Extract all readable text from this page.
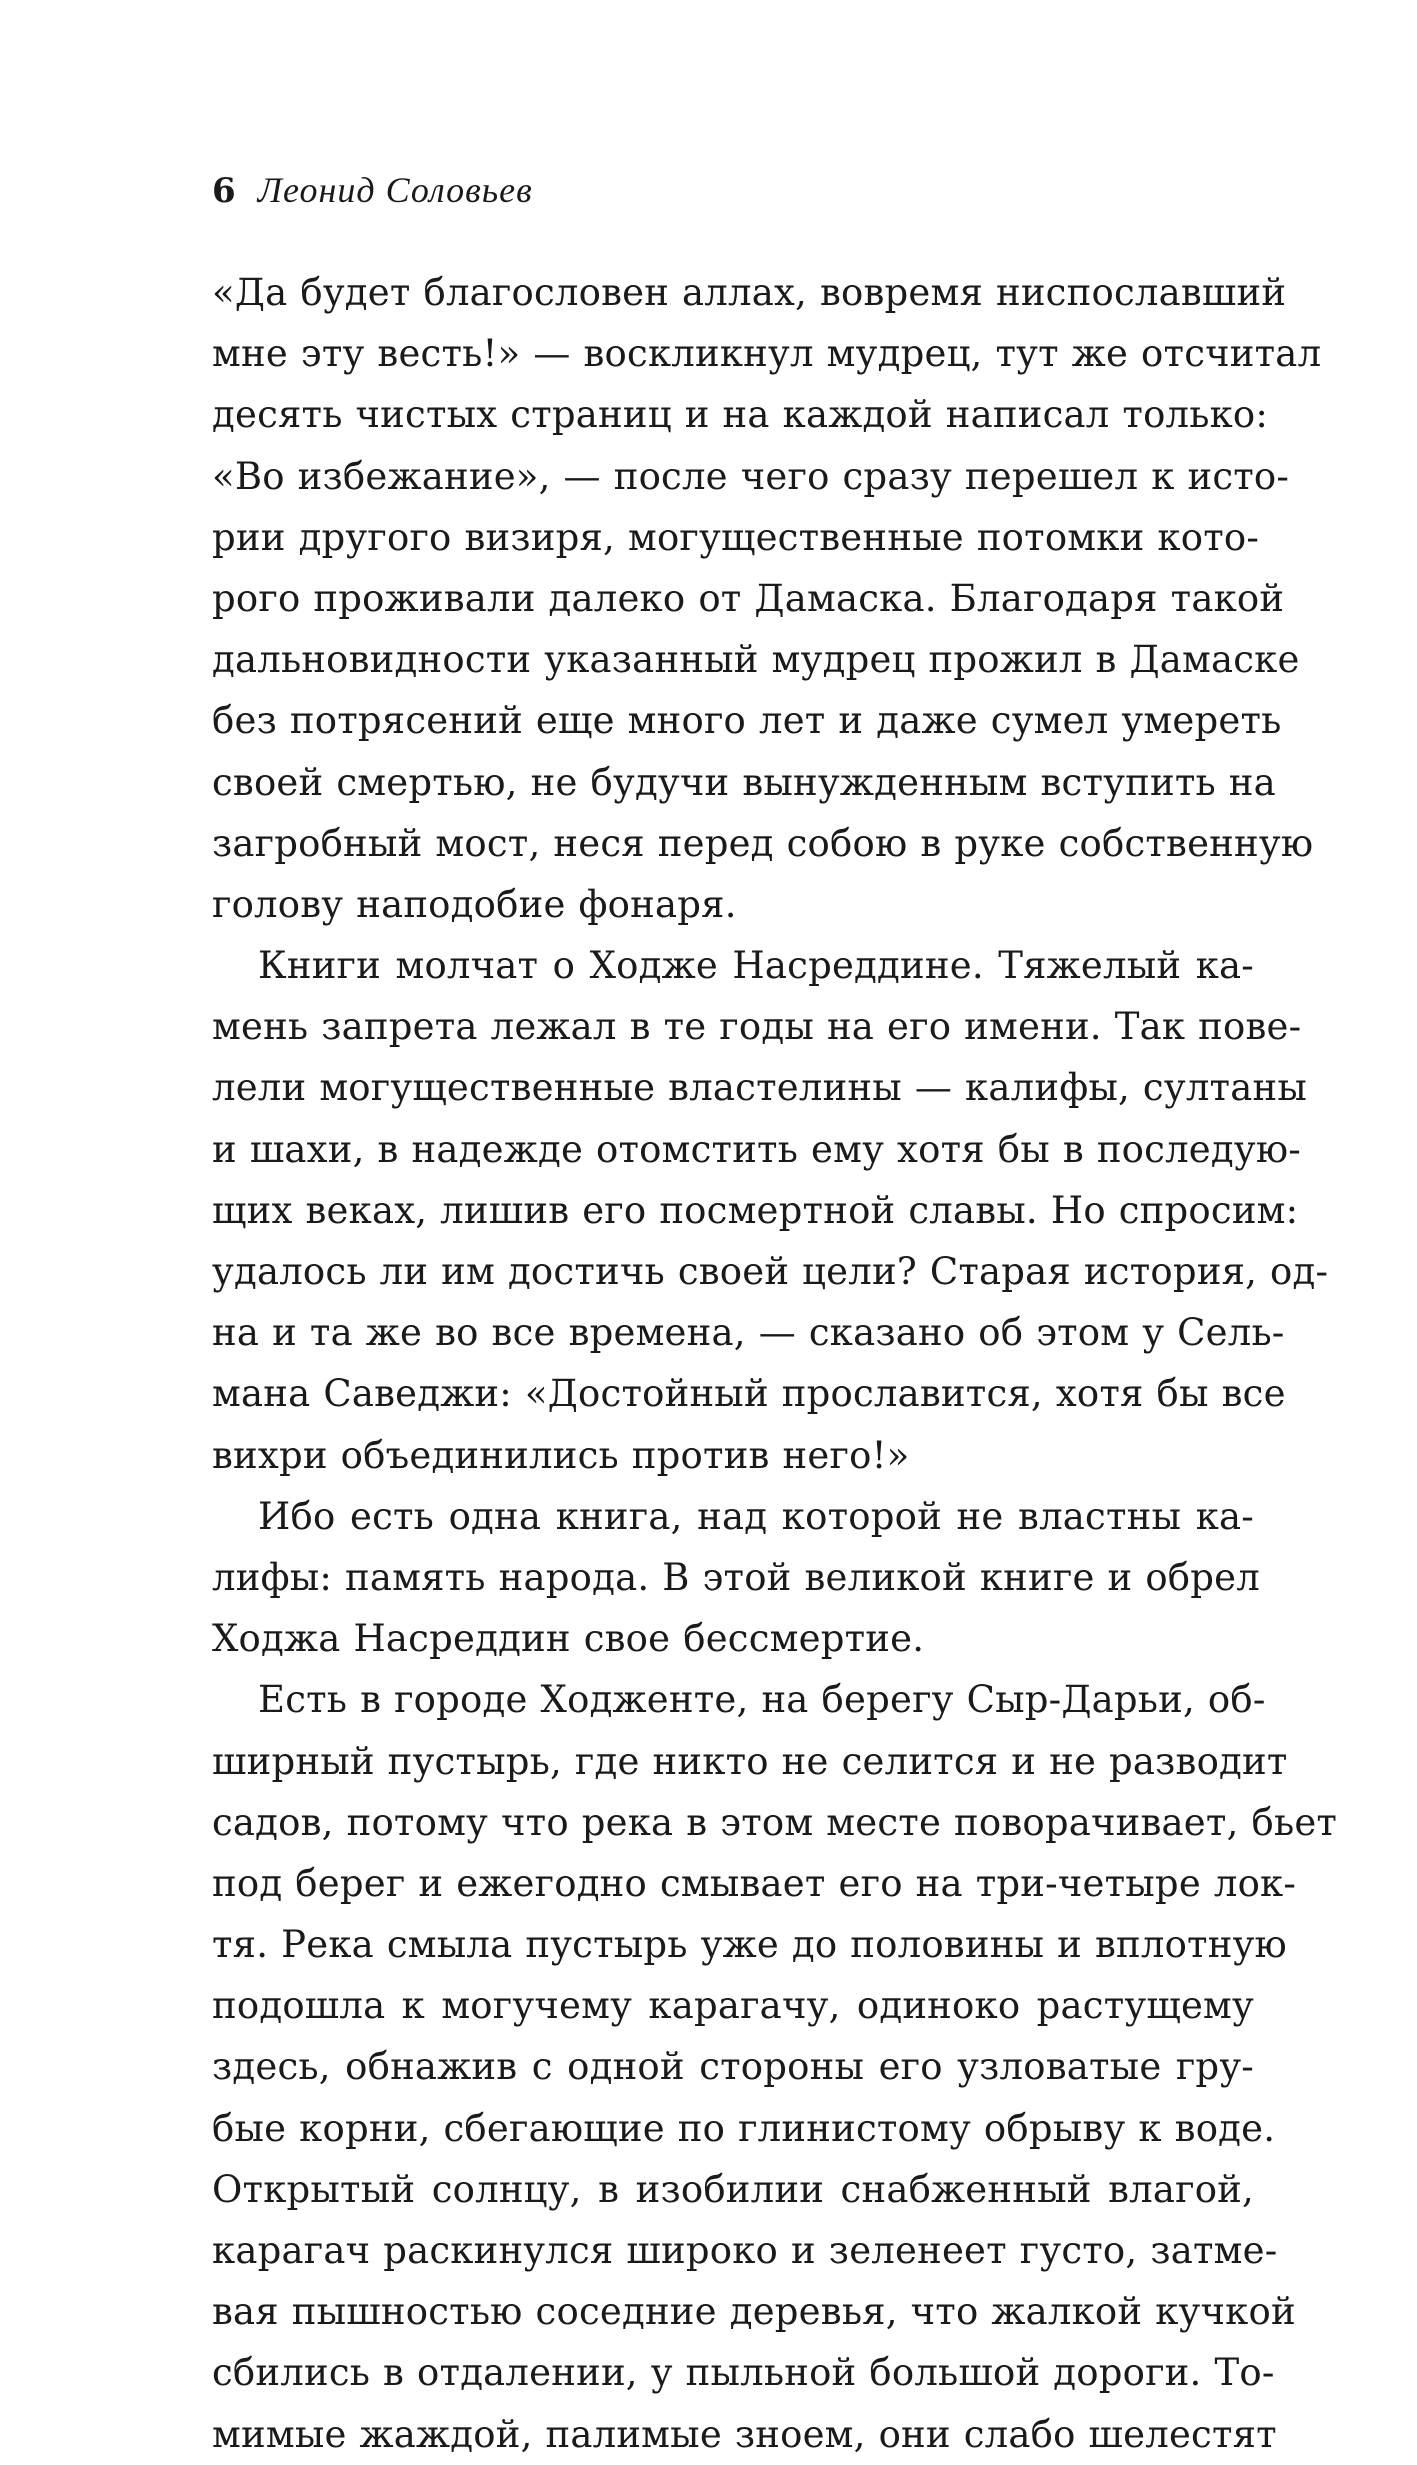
6 Леонид Соловьев
«Да будет благословен аллах, вовремя ниспославший
мне эту весть!» — воскликнул мудрец, тут же отсчитал
десять чистых страниц и на каждой написал только:
«Во избежание», — после чего сразу перешел к исто-
рии другого визиря, могущественные потомки кото-
рого проживали далеко от Дамаска. Благодаря такой
дальновидности указанный мудрец прожил в Дамаске
без потрясений еще много лет и даже сумел умереть
своей смертью, не будучи вынужденным вступить на
загробный мост, неся перед собою в руке собственную
голову наподобие фонаря.
Книги молчат о Ходже Насреддине. Тяжелый ка-
мень запрета лежал в те годы на его имени. Так пове-
лели могущественные властелины — калифы, султаны
и шахи, в надежде отомстить ему хотя бы в последую-
щих веках, лишив его посмертной славы. Но спросим:
удалось ли им достичь своей цели? Старая история, од-
на и та же во все времена, — сказано об этом у Сель-
мана Саведжи: «Достойный прославится, хотя бы все
вихри объединились против него!»
Ибо есть одна книга, над которой не властны ка-
лифы: память народа. В этой великой книге и обрел
Ходжа Насреддин свое бессмертие.
Есть в городе Ходженте, на берегу Сыр-Дарьи, об-
ширный пустырь, где никто не селится и не разводит
садов, потому что река в этом месте поворачивает, бьет
под берег и ежегодно смывает его на три-четыре лок-
тя. Река смыла пустырь уже до половины и вплотную
подошла к могучему карагачу, одиноко растущему
здесь, обнажив с одной стороны его узловатые гру-
бые корни, сбегающие по глинистому обрыву к воде.
Открытый солнцу, в изобилии снабженный влагой,
карагач раскинулся широко и зеленеет густо, затме-
вая пышностью соседние деревья, что жалкой кучкой
сбились в отдалении, у пыльной большой дороги. То-
мимые жаждой, палимые зноем, они слабо шелестят
